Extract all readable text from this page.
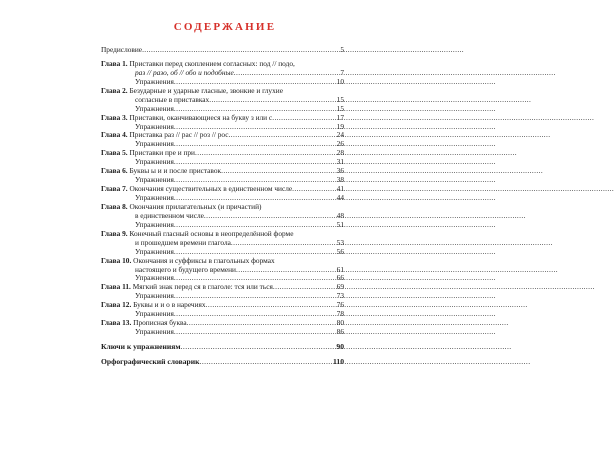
СОДЕРЖАНИЕ
Предисловие .....	5
Глава 1. Приставки перед скоплением согласных: под // подо,
раз // разо, об // обо и подобные .....	7
Упражнения .....	10
Глава 2. Безударные и ударные гласные, звонкие и глухие
согласные в приставках .....	15
Упражнения .....	15
Глава 3. Приставки, оканчивающиеся на букву з или с .....	17
Упражнения .....	19
Глава 4. Приставка раз // рас // роз // рос .....	24
Упражнения .....	26
Глава 5. Приставки пре и при .....	28
Упражнения .....	31
Глава 6. Буквы ы и и после приставок .....	36
Упражнения .....	38
Глава 7. Окончания существительных в единственном числе .....	41
Упражнения .....	44
Глава 8. Окончания прилагательных (и причастий)
в единственном числе .....	48
Упражнения .....	51
Глава 9. Конечный гласный основы в неопределённой форме
и прошедшем времени глагола .....	53
Упражнения .....	56
Глава 10. Окончания и суффиксы в глагольных формах
настоящего и будущего времени .....	61
Упражнения .....	66
Глава 11. Мягкий знак перед ся в глаголе: тся или ться .....	69
Упражнения .....	73
Глава 12. Буквы и и о в наречиях .....	76
Упражнения .....	78
Глава 13. Прописная буква .....	80
Упражнения .....	86
Ключи к упражнениям .....	90
Орфографический словарик .....	110
